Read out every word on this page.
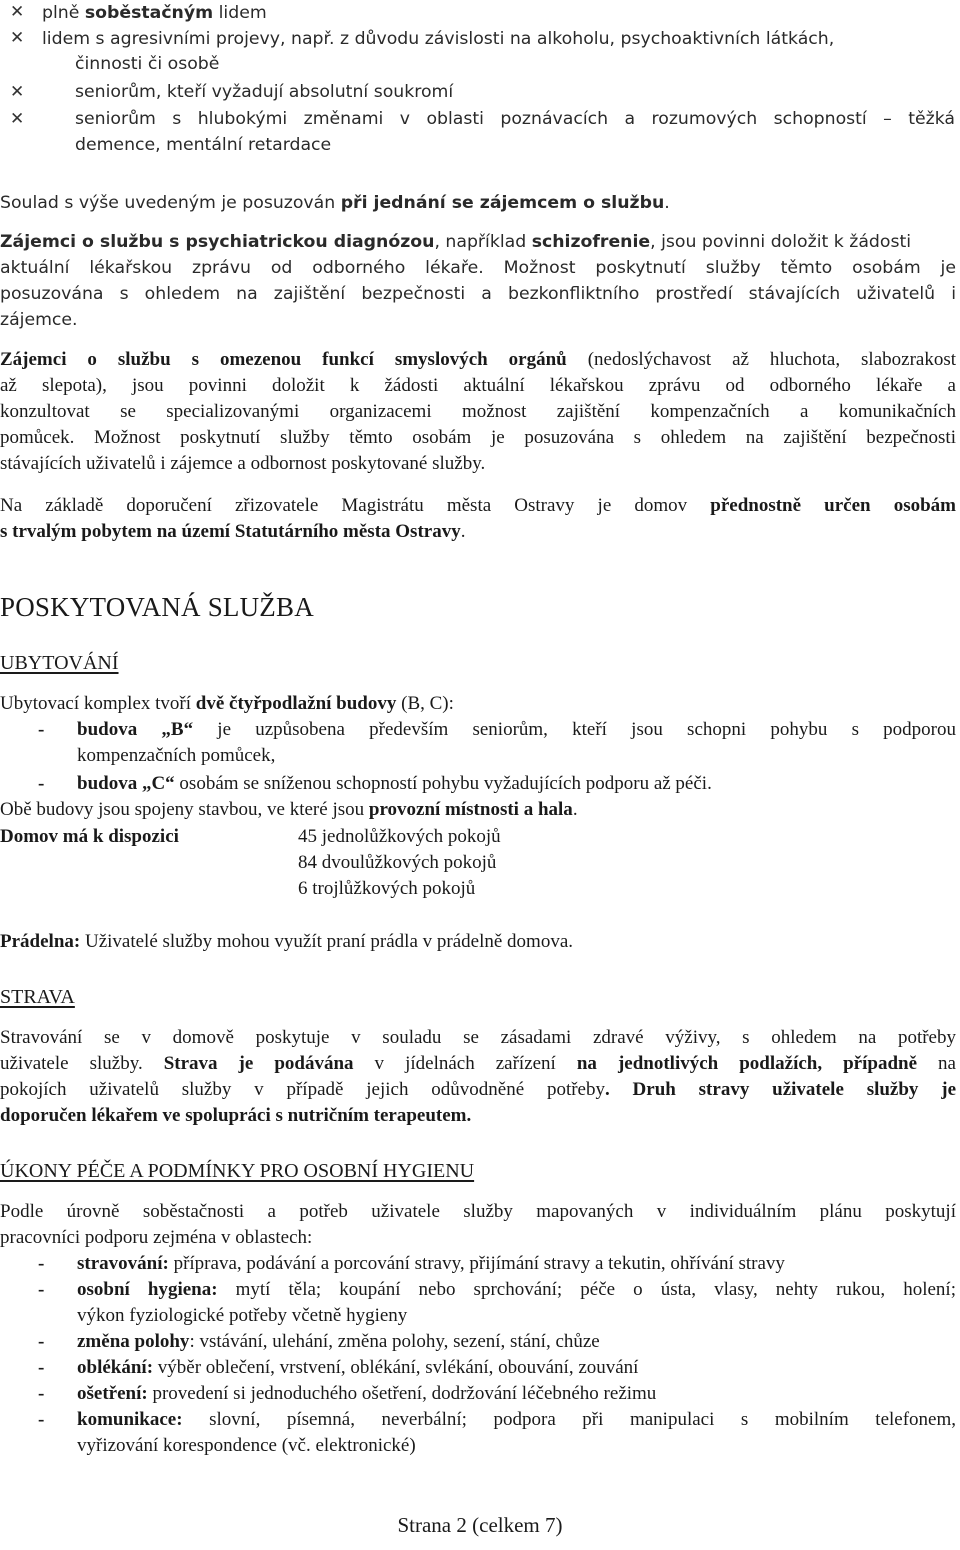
✕	plně soběstačným lidem
✕	lidem s agresivními projevy, např. z důvodu závislosti na alkoholu, psychoaktivních látkách,
činnosti či osobě
✕	seniorům, kteří vyžadují absolutní soukromí
✕	seniorům s hlubokými změnami v oblasti poznávacích a rozumových schopností – těžká
demence, mentální retardace
Soulad s výše uvedeným je posuzován při jednání se zájemcem o službu.
Zájemci o službu s psychiatrickou diagnózou, například schizofrenie, jsou povinni doložit k žádosti
aktuální lékařskou zprávu od odborného lékaře. Možnost poskytnutí služby těmto osobám je
posuzována s ohledem na zajištění bezpečnosti a bezkonfliktního prostředí stávajících uživatelů i
zájemce.
Zájemci o službu s omezenou funkcí smyslových orgánů (nedoslýchavost až hluchota, slabozrakost
až slepota), jsou povinni doložit k žádosti aktuální lékařskou zprávu od odborného lékaře a
konzultovat se specializovanými organizacemi možnost zajištění kompenzačních a komunikačních
pomůcek. Možnost poskytnutí služby těmto osobám je posuzována s ohledem na zajištění bezpečnosti
stávajících uživatelů i zájemce a odbornost poskytované služby.
Na základě doporučení zřizovatele Magistrátu města Ostravy je domov přednostně určen osobám
s trvalým pobytem na území Statutárního města Ostravy.
POSKYTOVANÁ SLUŽBA
UBYTOVÁNÍ
Ubytovací komplex tvoří dvě čtyřpodlažní budovy (B, C):
- budova „B“ je uzpůsobena především seniorům, kteří jsou schopni pohybu s podporou
kompenzačních pomůcek,
- budova „C“ osobám se sníženou schopností pohybu vyžadujících podporu až péči.
Obě budovy jsou spojeny stavbou, ve které jsou provozní místnosti a hala.
Domov má k dispozici	45 jednolůžkových pokojů
84 dvoulůžkových pokojů
6 trojlůžkových pokojů
Prádelna: Uživatelé služby mohou využít praní prádla v prádelně domova.
STRAVA
Stravování se v domově poskytuje v souladu se zásadami zdravé výživy, s ohledem na potřeby
uživatele služby. Strava je podávána v jídelnách zařízení na jednotlivých podlažích, případně na
pokojích uživatelů služby v případě jejich odůvodněné potřeby. Druh stravy uživatele služby je
doporučen lékařem ve spolupráci s nutričním terapeutem.
ÚKONY PÉČE A PODMÍNKY PRO OSOBNÍ HYGIENU
Podle úrovně soběstačnosti a potřeb uživatele služby mapovaných v individuálním plánu poskytují
pracovníci podporu zejména v oblastech:
- stravování: příprava, podávání a porcování stravy, přijímání stravy a tekutin, ohřívání stravy
- osobní hygiena: mytí těla; koupání nebo sprchování; péče o ústa, vlasy, nehty rukou, holení;
výkon fyziologické potřeby včetně hygieny
- změna polohy: vstávání, ulehání, změna polohy, sezení, stání, chůze
- oblékání: výběr oblečení, vrstvení, oblékání, svlékání, obouvání, zouvání
- ošetření: provedení si jednoduchého ošetření, dodržování léčebného režimu
- komunikace: slovní, písemná, neverbální; podpora při manipulaci s mobilním telefonem,
vyřizování korespondence (vč. elektronické)
Strana 2 (celkem 7)
